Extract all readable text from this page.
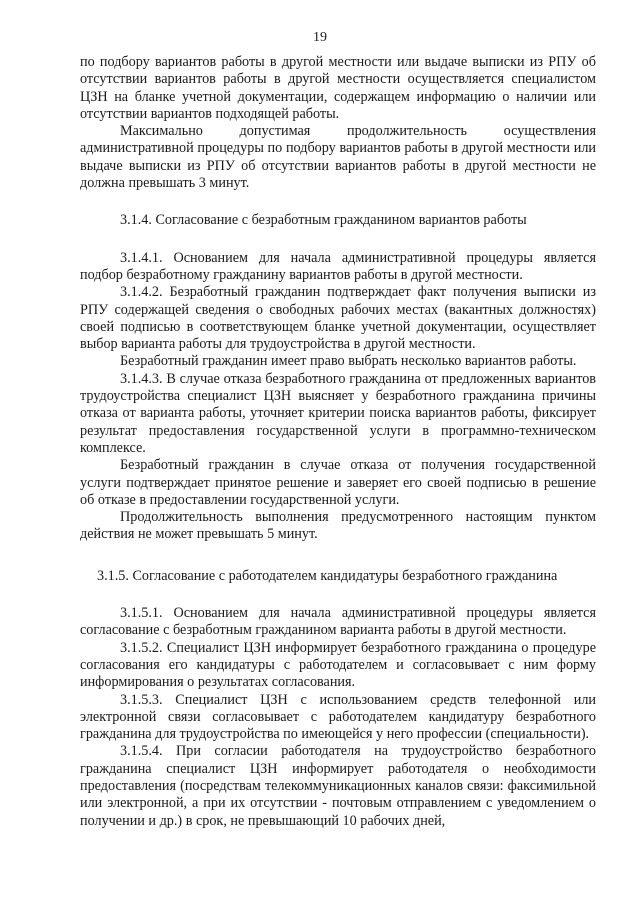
19

по подбору вариантов работы в другой местности или выдаче выписки из РПУ об отсутствии вариантов работы в другой местности осуществляется специалистом ЦЗН на бланке учетной документации, содержащем информацию о наличии или отсутствии вариантов подходящей работы.

Максимально допустимая продолжительность осуществления административной процедуры по подбору вариантов работы в другой местности или выдаче выписки из РПУ об отсутствии вариантов работы в другой местности не должна превышать 3 минут.

3.1.4. Согласование с безработным гражданином вариантов работы

3.1.4.1. Основанием для начала административной процедуры является подбор безработному гражданину вариантов работы в другой местности.

3.1.4.2. Безработный гражданин подтверждает факт получения выписки из РПУ содержащей сведения о свободных рабочих местах (вакантных должностях) своей подписью в соответствующем бланке учетной документации, осуществляет выбор варианта работы для трудоустройства в другой местности.

Безработный гражданин имеет право выбрать несколько вариантов работы.

3.1.4.3. В случае отказа безработного гражданина от предложенных вариантов трудоустройства специалист ЦЗН выясняет у безработного гражданина причины отказа от варианта работы, уточняет критерии поиска вариантов работы, фиксирует результат предоставления государственной услуги в программно-техническом комплексе.

Безработный гражданин в случае отказа от получения государственной услуги подтверждает принятое решение и заверяет его своей подписью в решение об отказе в предоставлении государственной услуги.

Продолжительность выполнения предусмотренного настоящим пунктом действия не может превышать 5 минут.

3.1.5. Согласование с работодателем кандидатуры безработного гражданина

3.1.5.1. Основанием для начала административной процедуры является согласование с безработным гражданином варианта работы в другой местности.

3.1.5.2. Специалист ЦЗН информирует безработного гражданина о процедуре согласования его кандидатуры с работодателем и согласовывает с ним форму информирования о результатах согласования.

3.1.5.3. Специалист ЦЗН с использованием средств телефонной или электронной связи согласовывает с работодателем кандидатуру безработного гражданина для трудоустройства по имеющейся у него профессии (специальности).

3.1.5.4. При согласии работодателя на трудоустройство безработного гражданина специалист ЦЗН информирует работодателя о необходимости предоставления (посредствам телекоммуникационных каналов связи: факсимильной или электронной, а при их отсутствии - почтовым отправлением с уведомлением о получении и др.) в срок, не превышающий 10 рабочих дней,
